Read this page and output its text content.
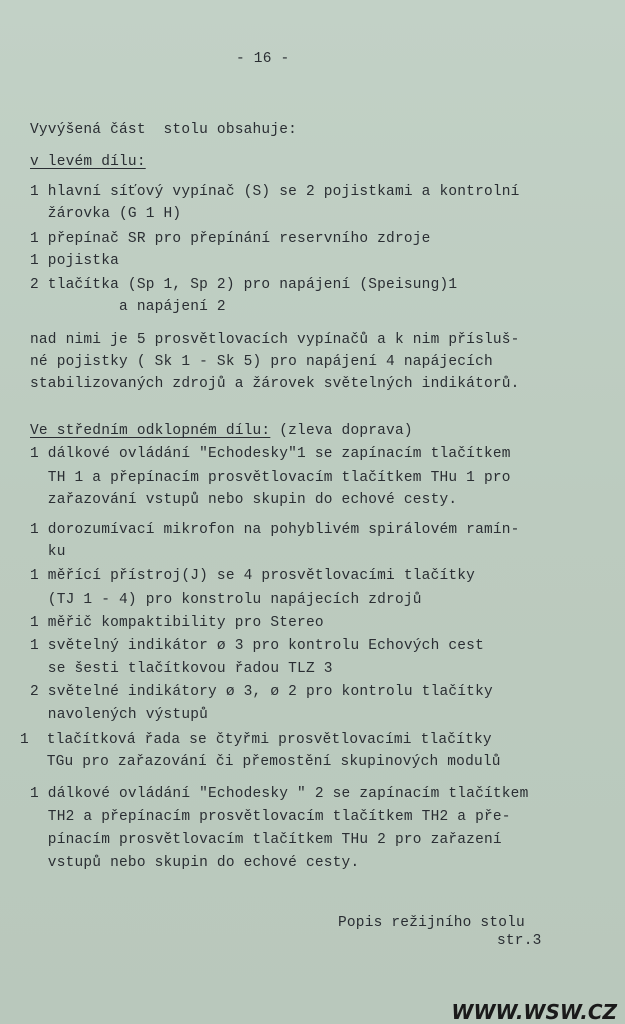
- 16 -
Vyvýšená část  stolu obsahuje:
v levém dílu:
1 hlavní síťový vypínač (S) se 2 pojistkami a kontrolní
žárovka (G 1 H)
1 přepínač SR pro přepínání reservního zdroje
1 pojistka
2 tlačítka (Sp 1, Sp 2) pro napájení (Speisung)1
a napájení 2
nad nimi je 5 prosvětlovacích vypínačů a k nim přísluš-
né pojistky ( Sk 1 - Sk 5) pro napájení 4 napájecích
stabilizovaných zdrojů a žárovek světelných indikátorů.
Ve středním odklopném dílu: (zleva doprava)
1 dálkové ovládání "Echodesky"1 se zapínacím tlačítkem
TH 1 a přepínacím prosvětlovacím tlačítkem THu 1 pro
zařazování vstupů nebo skupin do echové cesty.
1 dorozumívací mikrofon na pohyblivém spirálovém ramín-
ku
1 měřící přístroj(J) se 4 prosvětlovacími tlačítky
(TJ 1 - 4) pro konstrolu napájecích zdrojů
1 měřič kompaktibility pro Stereo
1 světelný indikátor ø 3 pro kontrolu Echových cest
se šesti tlačítkovou řadou TLZ 3
2 světelné indikátory ø 3, ø 2 pro kontrolu tlačítky
navolených výstupů
1  tlačítková řada se čtyřmi prosvětlovacími tlačítky
TGu pro zařazování či přemostění skupinových modulů
1 dálkové ovládání "Echodesky " 2 se zapínacím tlačítkem
TH2 a přepínacím prosvětlovacím tlačítkem TH2 a pře-
pínacím prosvětlovacím tlačítkem THu 2 pro zařazení
vstupů nebo skupin do echové cesty.
Popis režijního stolu
str.3
WWW.WSW.CZ
